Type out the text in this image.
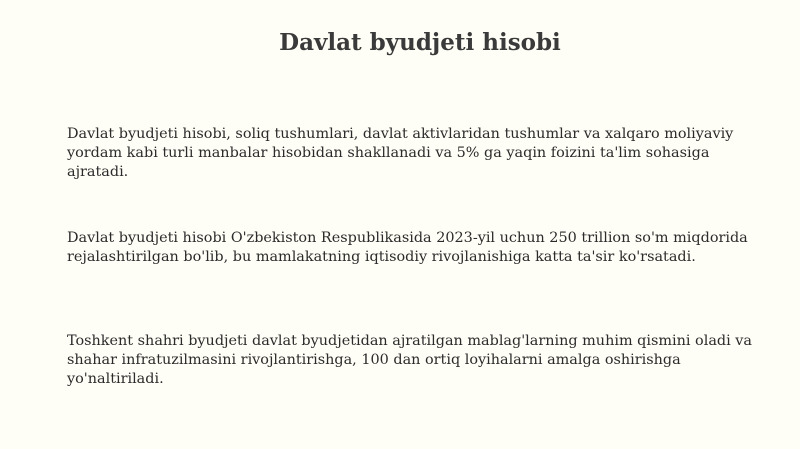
Davlat byudjeti hisobi

Davlat byudjeti hisobi, soliq tushumlari, davlat aktivlaridan tushumlar va xalqaro moliyaviy yordam kabi turli manbalar hisobidan shakllanadi va 5% ga yaqin foizini ta'lim sohasiga ajratadi.

Davlat byudjeti hisobi O'zbekiston Respublikasida 2023-yil uchun 250 trillion so'm miqdorida rejalashtirilgan bo'lib, bu mamlakatning iqtisodiy rivojlanishiga katta ta'sir ko'rsatadi.

Toshkent shahri byudjeti davlat byudjetidan ajratilgan mablag'larning muhim qismini oladi va shahar infratuzilmasini rivojlantirishga, 100 dan ortiq loyihalarni amalga oshirishga yo'naltiriladi.
